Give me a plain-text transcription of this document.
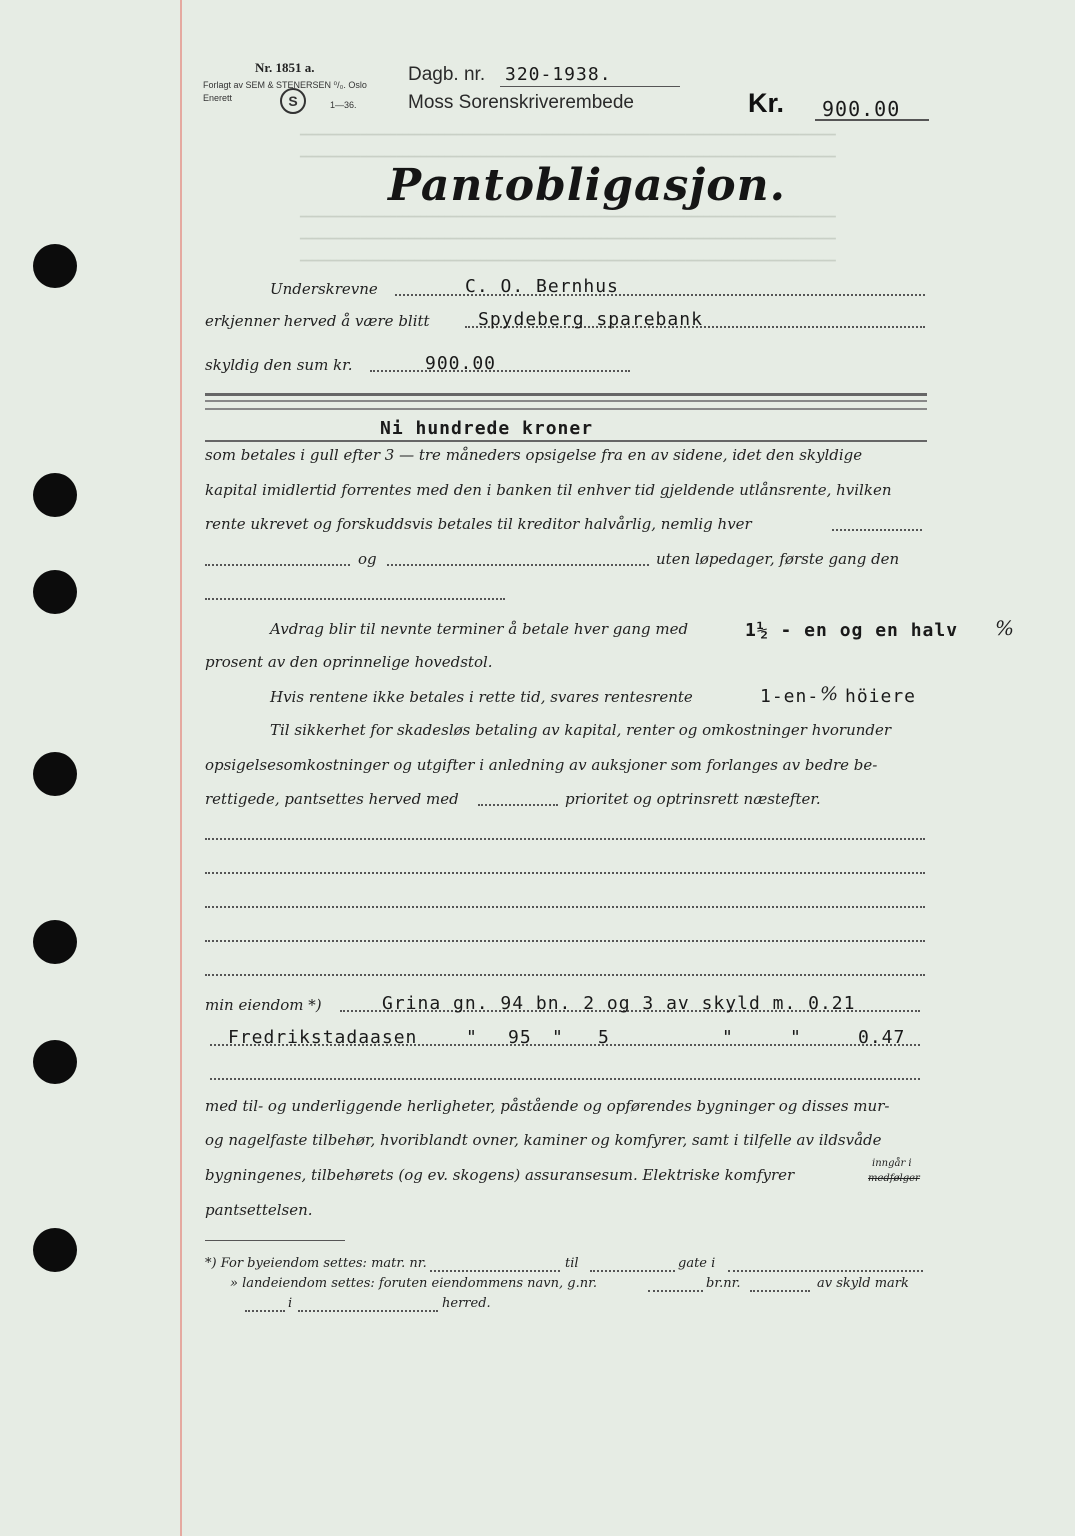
━━━━━━━━━━━━━━━━━━━━━━━━━━━━━━━━━━━━━━━━━━━━━━━━━━━━━━━━━━━━━━━━━━━━━━━━━━━━━━━━━━━━━━━━━
━━━━━━━━━━━━━━━━━━━━━━━━━━━━━━━━━━━━━━━━━━━━━━━━━━━━━━━━━━━━━━━━━━━━━━━━━━━━━━━━━━━━━━━━━
━━━━━━━━━━━━━━━━━━━━━━━━━━━━━━━━━━━━━━━━━━━━━━━━━━━━━━━━━━━━━━━━━━━━━━━━━━━━━━━━━━━━━━━━━
━━━━━━━━━━━━━━━━━━━━━━━━━━━━━━━━━━━━━━━━━━━━━━━━━━━━━━━━━━━━━━━━━━━━━━━━━━━━━━━━━━━━━━━━━
━━━━━━━━━━━━━━━━━━━━━━━━━━━━━━━━━━━━━━━━━━━━━━━━━━━━━━━━━━━━━━━━━━━━━━━━━━━━━━━━━━━━━━━━━
Nr. 1851 a.
Forlagt av SEM & STENERSEN ⁰/₀. Oslo
Enerett	S	1—36.
Dagb. nr. 320-1938.
Moss Sorenskriverembede	Kr. 900.00
Pantobligasjon.
Underskrevne	C. O. Bernhus
erkjenner herved å være blitt	Spydeberg sparebank
skyldig den sum kr.	900.00
Ni hundrede kroner
som betales i gull efter 3 — tre måneders opsigelse fra en av sidene, idet den skyldige
kapital imidlertid forrentes med den i banken til enhver tid gjeldende utlånsrente, hvilken
rente ukrevet og forskuddsvis betales til kreditor halvårlig, nemlig hver
og	uten løpedager, første gang den
Avdrag blir til nevnte terminer å betale hver gang med	1½ - en og en halv %
prosent av den oprinnelige hovedstol.
Hvis rentene ikke betales i rette tid, svares rentesrente	1-en- % höiere
Til sikkerhet for skadesløs betaling av kapital, renter og omkostninger hvorunder
opsigelsesomkostninger og utgifter i anledning av auksjoner som forlanges av bedre be-
rettigede, pantsettes herved med	prioritet og optrinsrett næstefter.
min eiendom *)	Grina gn. 94 bn. 2 og 3 av skyld m. 0.21
Fredrikstadaasen	" 95 " 5	"	"	0.47
med til- og underliggende herligheter, påstående og opførendes bygninger og disses mur-
og nagelfaste tilbehør, hvoriblandt ovner, kaminer og komfyrer, samt i tilfelle av ildsvåde
bygningenes, tilbehørets (og ev. skogens) assuransesum. Elektriske komfyrer
inngår i
medfølger
pantsettelsen.
*) For byeiendom settes: matr. nr.	til	gate i
» landeiendom settes: foruten eiendommens navn, g.nr.	br.nr.	av skyld mark
i	herred.
